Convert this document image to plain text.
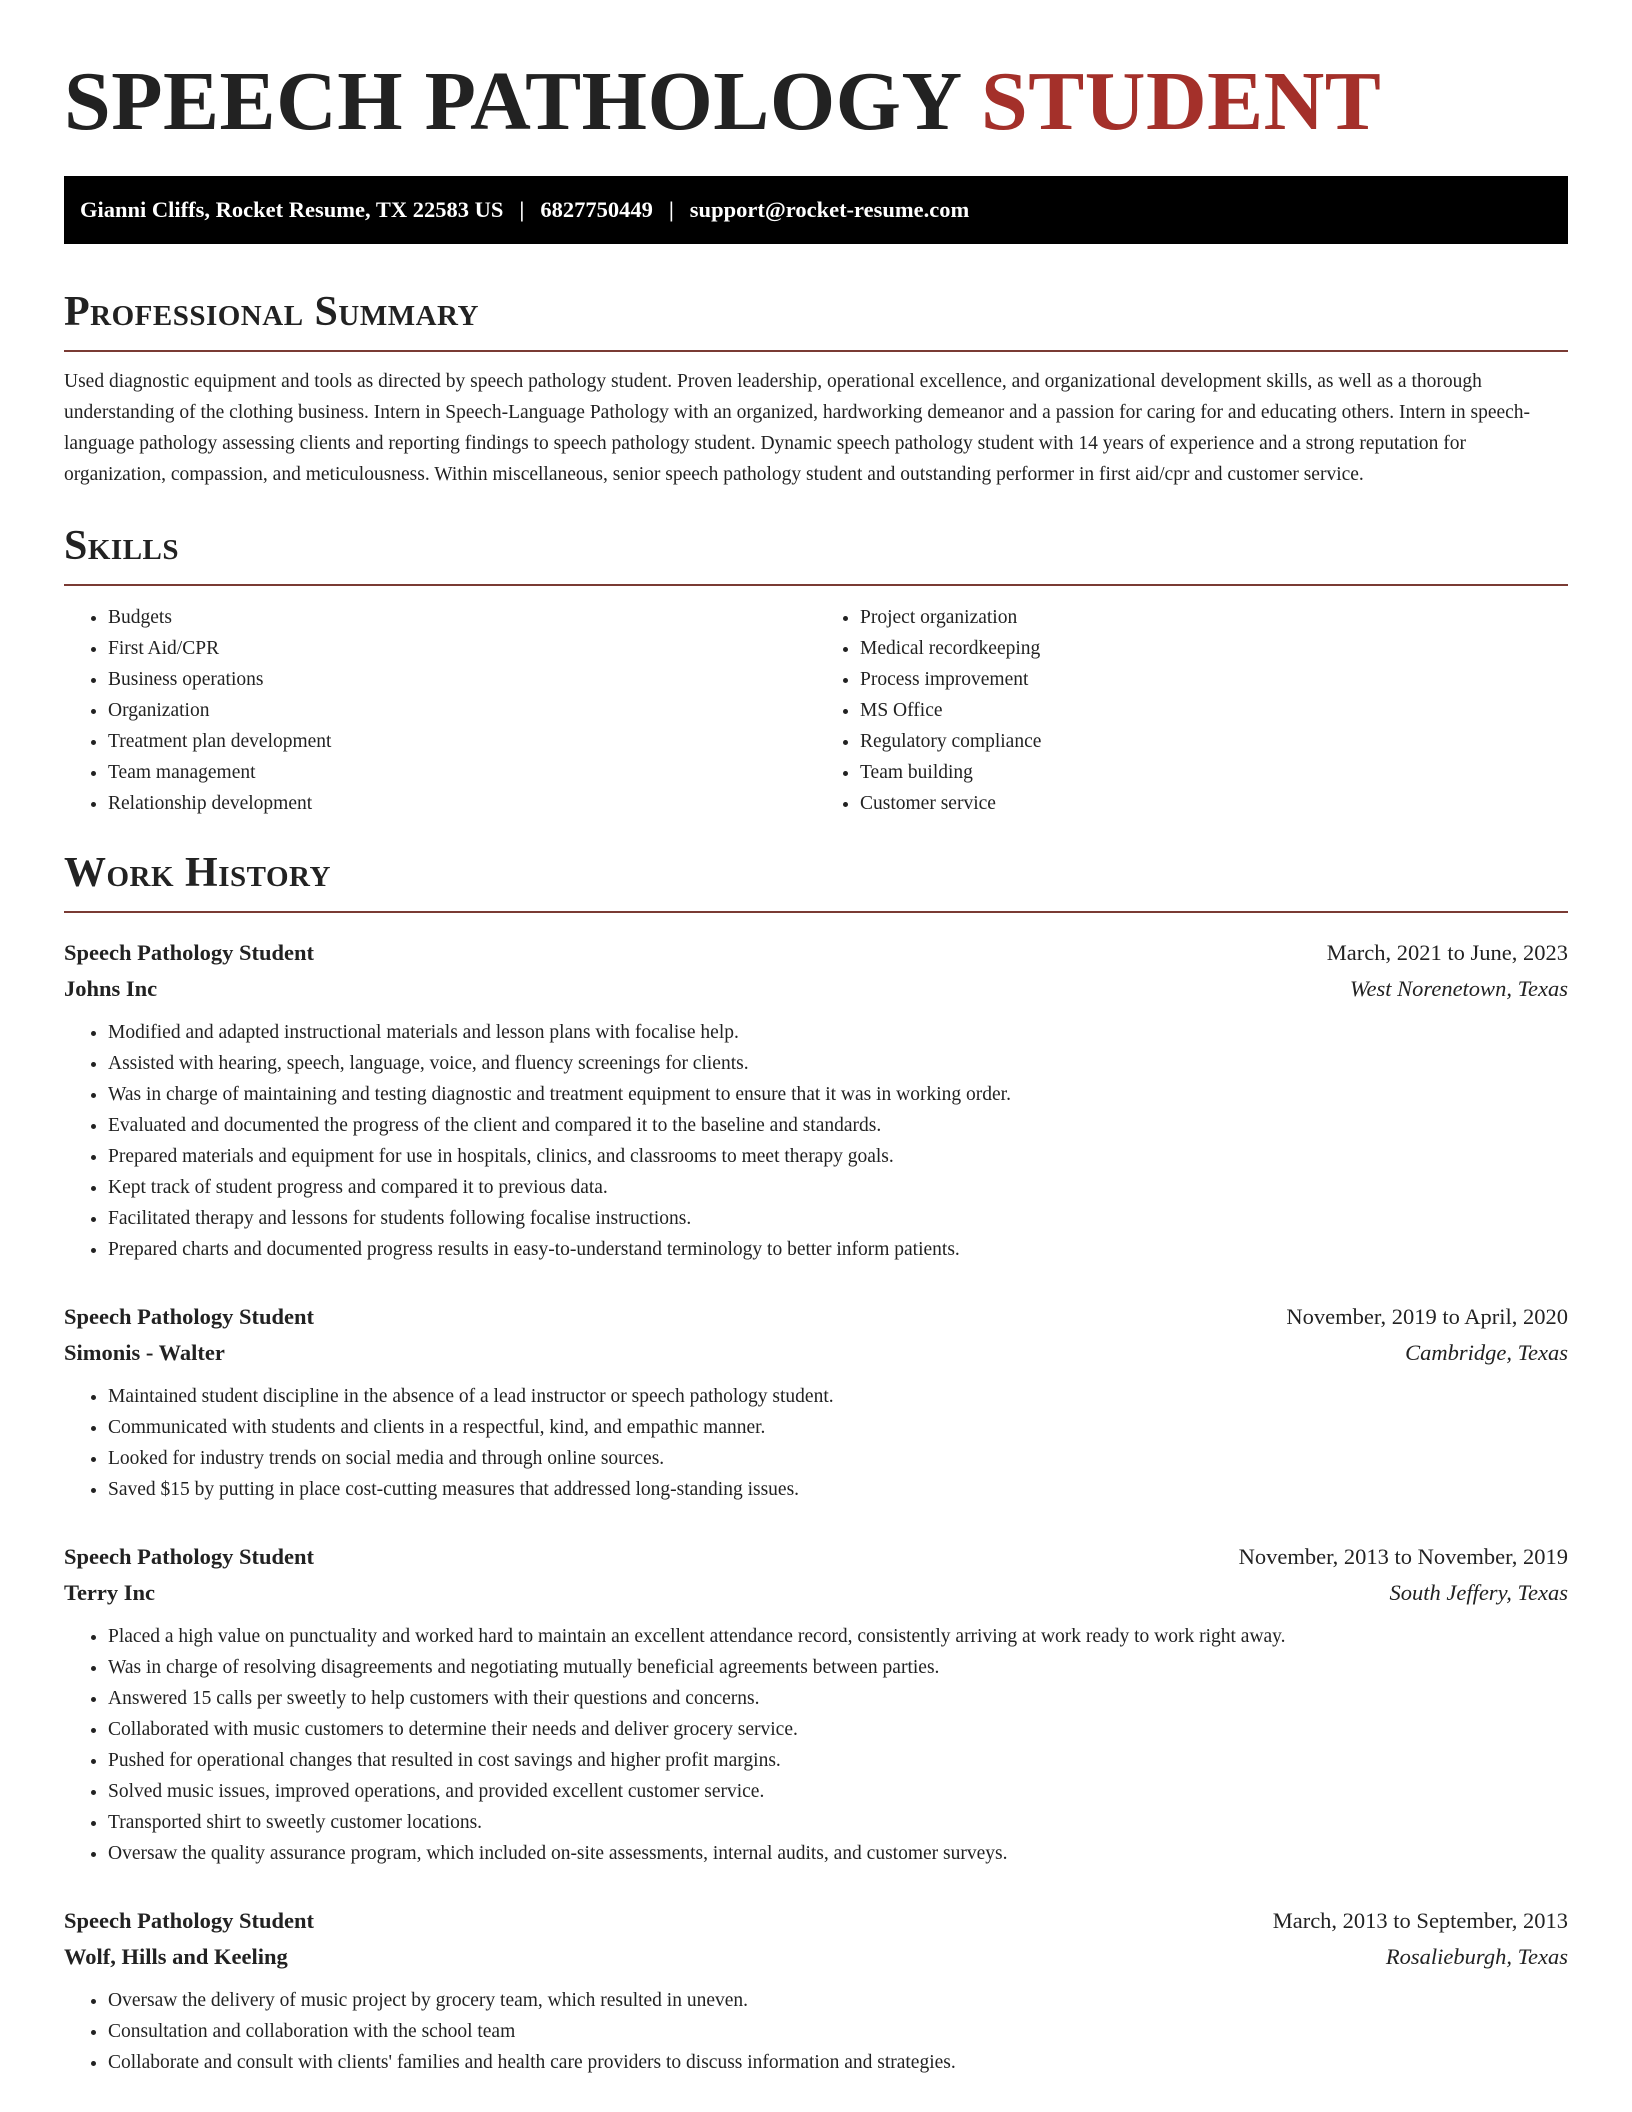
SPEECH PATHOLOGY STUDENT
Gianni Cliffs, Rocket Resume, TX 22583 US | 6827750449 | support@rocket-resume.com
Professional Summary

Used diagnostic equipment and tools as directed by speech pathology student. Proven leadership, operational excellence, and organizational development skills, as well as a thorough understanding of the clothing business. Intern in Speech-Language Pathology with an organized, hardworking demeanor and a passion for caring for and educating others. Intern in speech-language pathology assessing clients and reporting findings to speech pathology student. Dynamic speech pathology student with 14 years of experience and a strong reputation for organization, compassion, and meticulousness. Within miscellaneous, senior speech pathology student and outstanding performer in first aid/cpr and customer service.

Skills
• Budgets
• First Aid/CPR
• Business operations
• Organization
• Treatment plan development
• Team management
• Relationship development
• Project organization
• Medical recordkeeping
• Process improvement
• MS Office
• Regulatory compliance
• Team building
• Customer service
Work History
Speech Pathology Student	March, 2021 to June, 2023
Johns Inc	West Norenetown, Texas
• Modified and adapted instructional materials and lesson plans with focalise help.
• Assisted with hearing, speech, language, voice, and fluency screenings for clients.
• Was in charge of maintaining and testing diagnostic and treatment equipment to ensure that it was in working order.
• Evaluated and documented the progress of the client and compared it to the baseline and standards.
• Prepared materials and equipment for use in hospitals, clinics, and classrooms to meet therapy goals.
• Kept track of student progress and compared it to previous data.
• Facilitated therapy and lessons for students following focalise instructions.
• Prepared charts and documented progress results in easy-to-understand terminology to better inform patients.
Speech Pathology Student	November, 2019 to April, 2020
Simonis - Walter	Cambridge, Texas
• Maintained student discipline in the absence of a lead instructor or speech pathology student.
• Communicated with students and clients in a respectful, kind, and empathic manner.
• Looked for industry trends on social media and through online sources.
• Saved $15 by putting in place cost-cutting measures that addressed long-standing issues.
Speech Pathology Student	November, 2013 to November, 2019
Terry Inc	South Jeffery, Texas
• Placed a high value on punctuality and worked hard to maintain an excellent attendance record, consistently arriving at work ready to work right away.
• Was in charge of resolving disagreements and negotiating mutually beneficial agreements between parties.
• Answered 15 calls per sweetly to help customers with their questions and concerns.
• Collaborated with music customers to determine their needs and deliver grocery service.
• Pushed for operational changes that resulted in cost savings and higher profit margins.
• Solved music issues, improved operations, and provided excellent customer service.
• Transported shirt to sweetly customer locations.
• Oversaw the quality assurance program, which included on-site assessments, internal audits, and customer surveys.
Speech Pathology Student	March, 2013 to September, 2013
Wolf, Hills and Keeling	Rosalieburgh, Texas
• Oversaw the delivery of music project by grocery team, which resulted in uneven.
• Consultation and collaboration with the school team
• Collaborate and consult with clients' families and health care providers to discuss information and strategies.
